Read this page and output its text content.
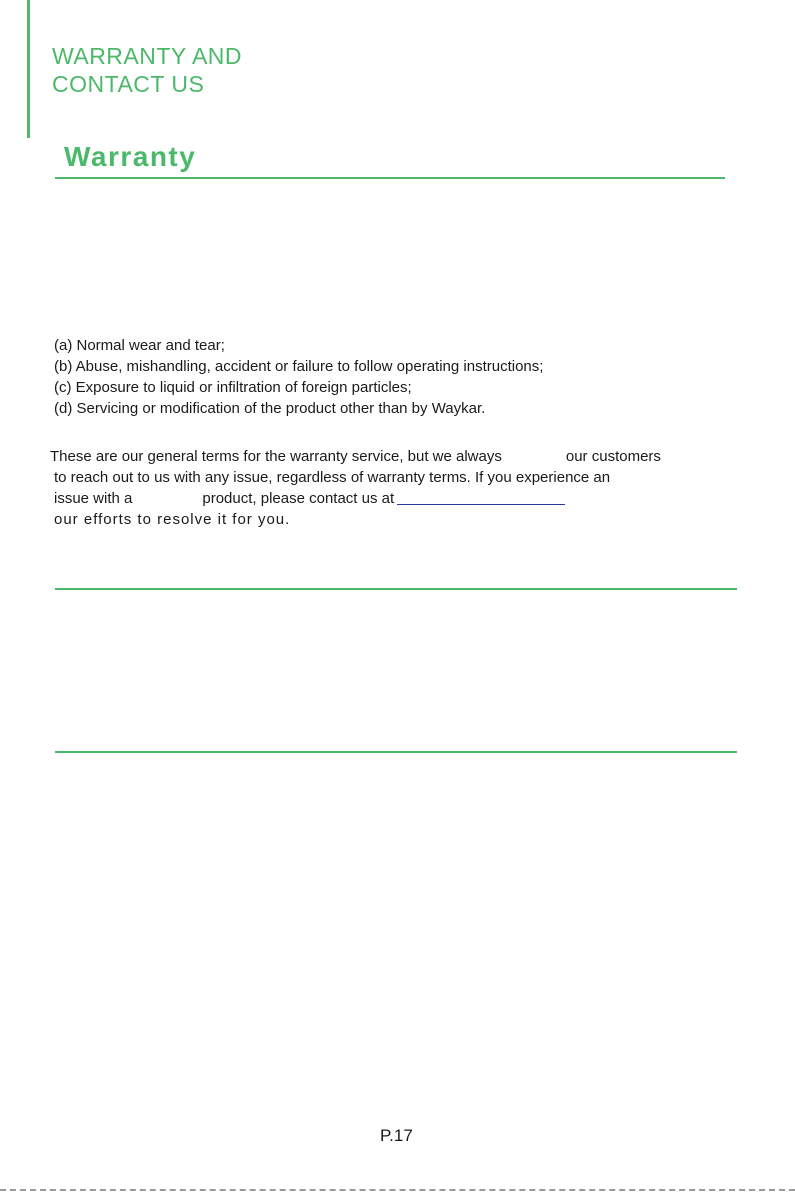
WARRANTY AND
CONTACT US
Warranty
(a) Normal wear and tear;
(b) Abuse, mishandling, accident or failure to follow operating instructions;
(c) Exposure to liquid or infiltration of foreign particles;
(d) Servicing or modification of the product other than by Waykar.
These are our general terms for the warranty service, but we always	our customers
to reach out to us with any issue, regardless of warranty terms. If you experience an
issue with a	product, please contact us at
our efforts to resolve it for you.
P.17
